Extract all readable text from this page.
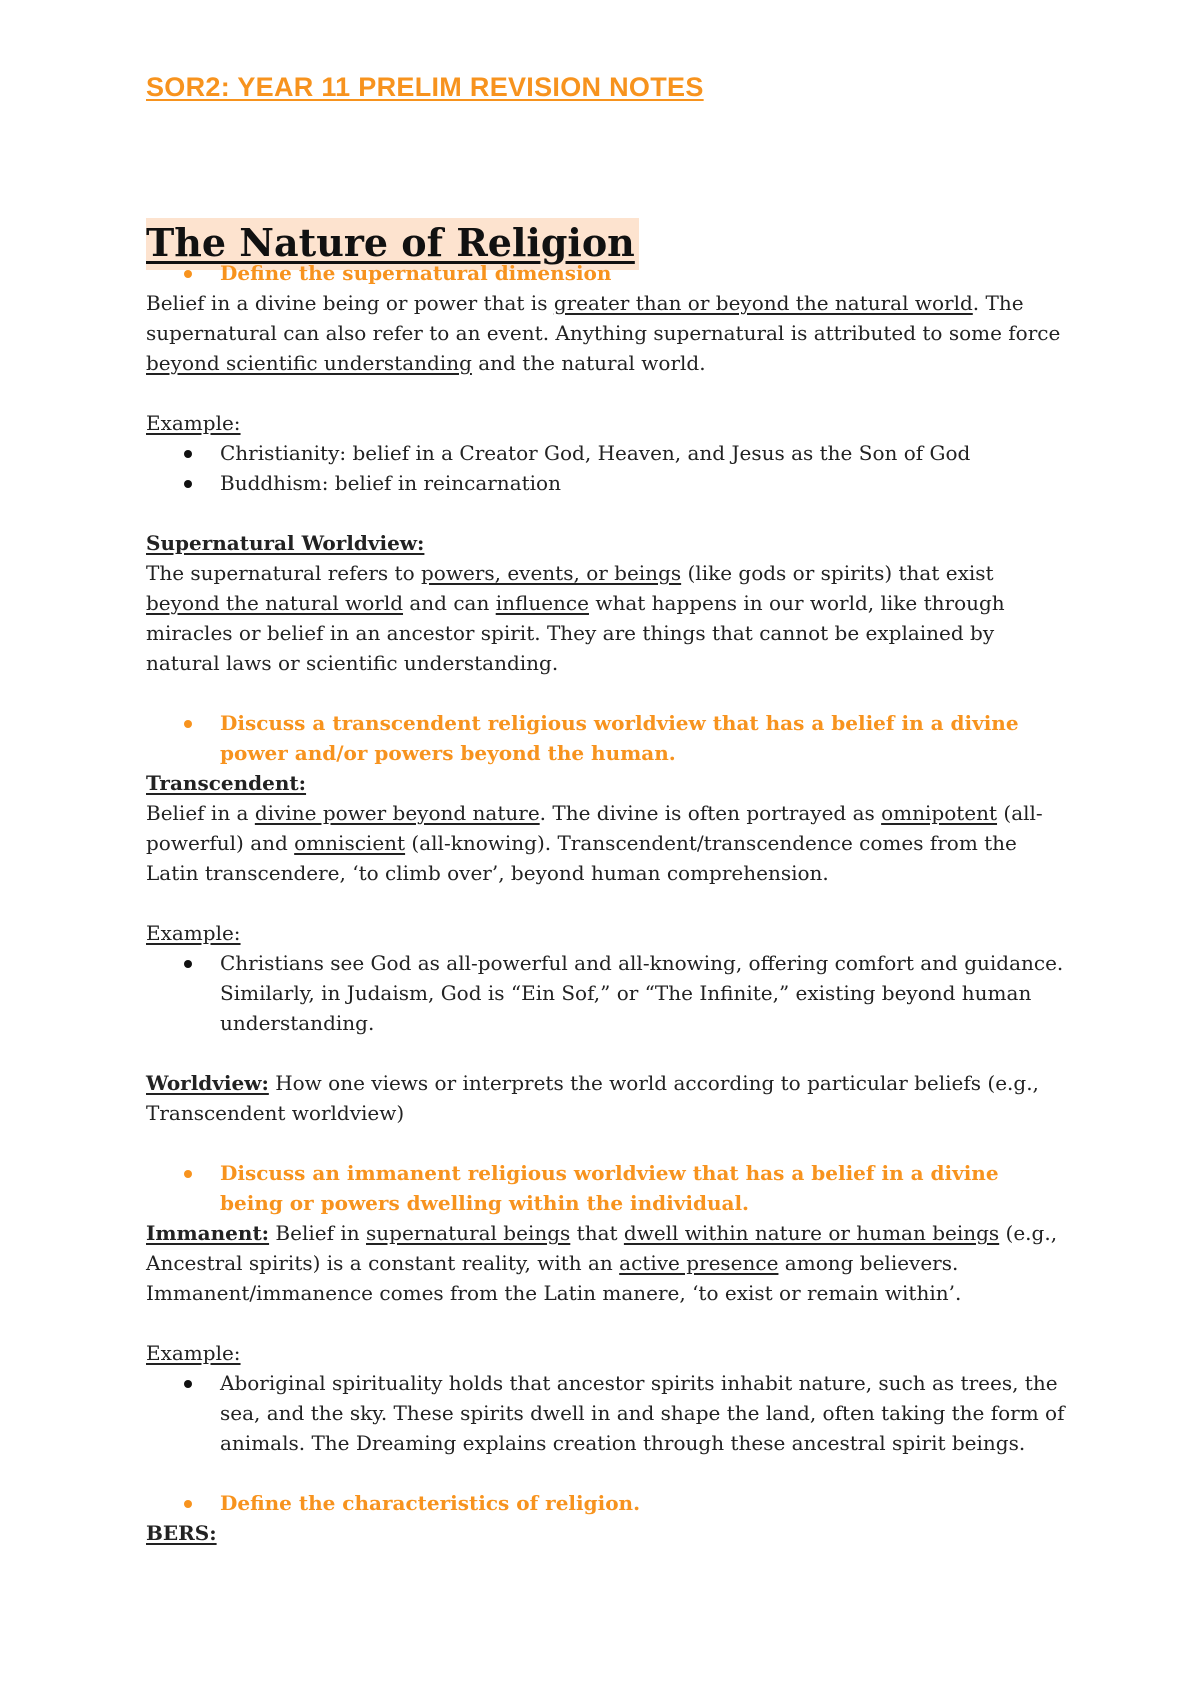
SOR2: YEAR 11 PRELIM REVISION NOTES
The Nature of Religion
Define the supernatural dimension

Belief in a divine being or power that is greater than or beyond the natural world. The supernatural can also refer to an event. Anything supernatural is attributed to some force beyond scientific understanding and the natural world.

Example:

Christianity: belief in a Creator God, Heaven, and Jesus as the Son of God
Buddhism: belief in reincarnation

Supernatural Worldview:

The supernatural refers to powers, events, or beings (like gods or spirits) that exist beyond the natural world and can influence what happens in our world, like through miracles or belief in an ancestor spirit. They are things that cannot be explained by natural laws or scientific understanding.

Discuss a transcendent religious worldview that has a belief in a divine power and/or powers beyond the human.

Transcendent:

Belief in a divine power beyond nature. The divine is often portrayed as omnipotent (all-powerful) and omniscient (all-knowing). Transcendent/transcendence comes from the Latin transcendere, ‘to climb over’, beyond human comprehension.

Example:

Christians see God as all-powerful and all-knowing, offering comfort and guidance. Similarly, in Judaism, God is “Ein Sof,” or “The Infinite,” existing beyond human understanding.

Worldview: How one views or interprets the world according to particular beliefs (e.g., Transcendent worldview)

Discuss an immanent religious worldview that has a belief in a divine being or powers dwelling within the individual.

Immanent: Belief in supernatural beings that dwell within nature or human beings (e.g., Ancestral spirits) is a constant reality, with an active presence among believers. Immanent/immanence comes from the Latin manere, ‘to exist or remain within’.

Example:

Aboriginal spirituality holds that ancestor spirits inhabit nature, such as trees, the sea, and the sky. These spirits dwell in and shape the land, often taking the form of animals. The Dreaming explains creation through these ancestral spirit beings.
Define the characteristics of religion.

BERS:
